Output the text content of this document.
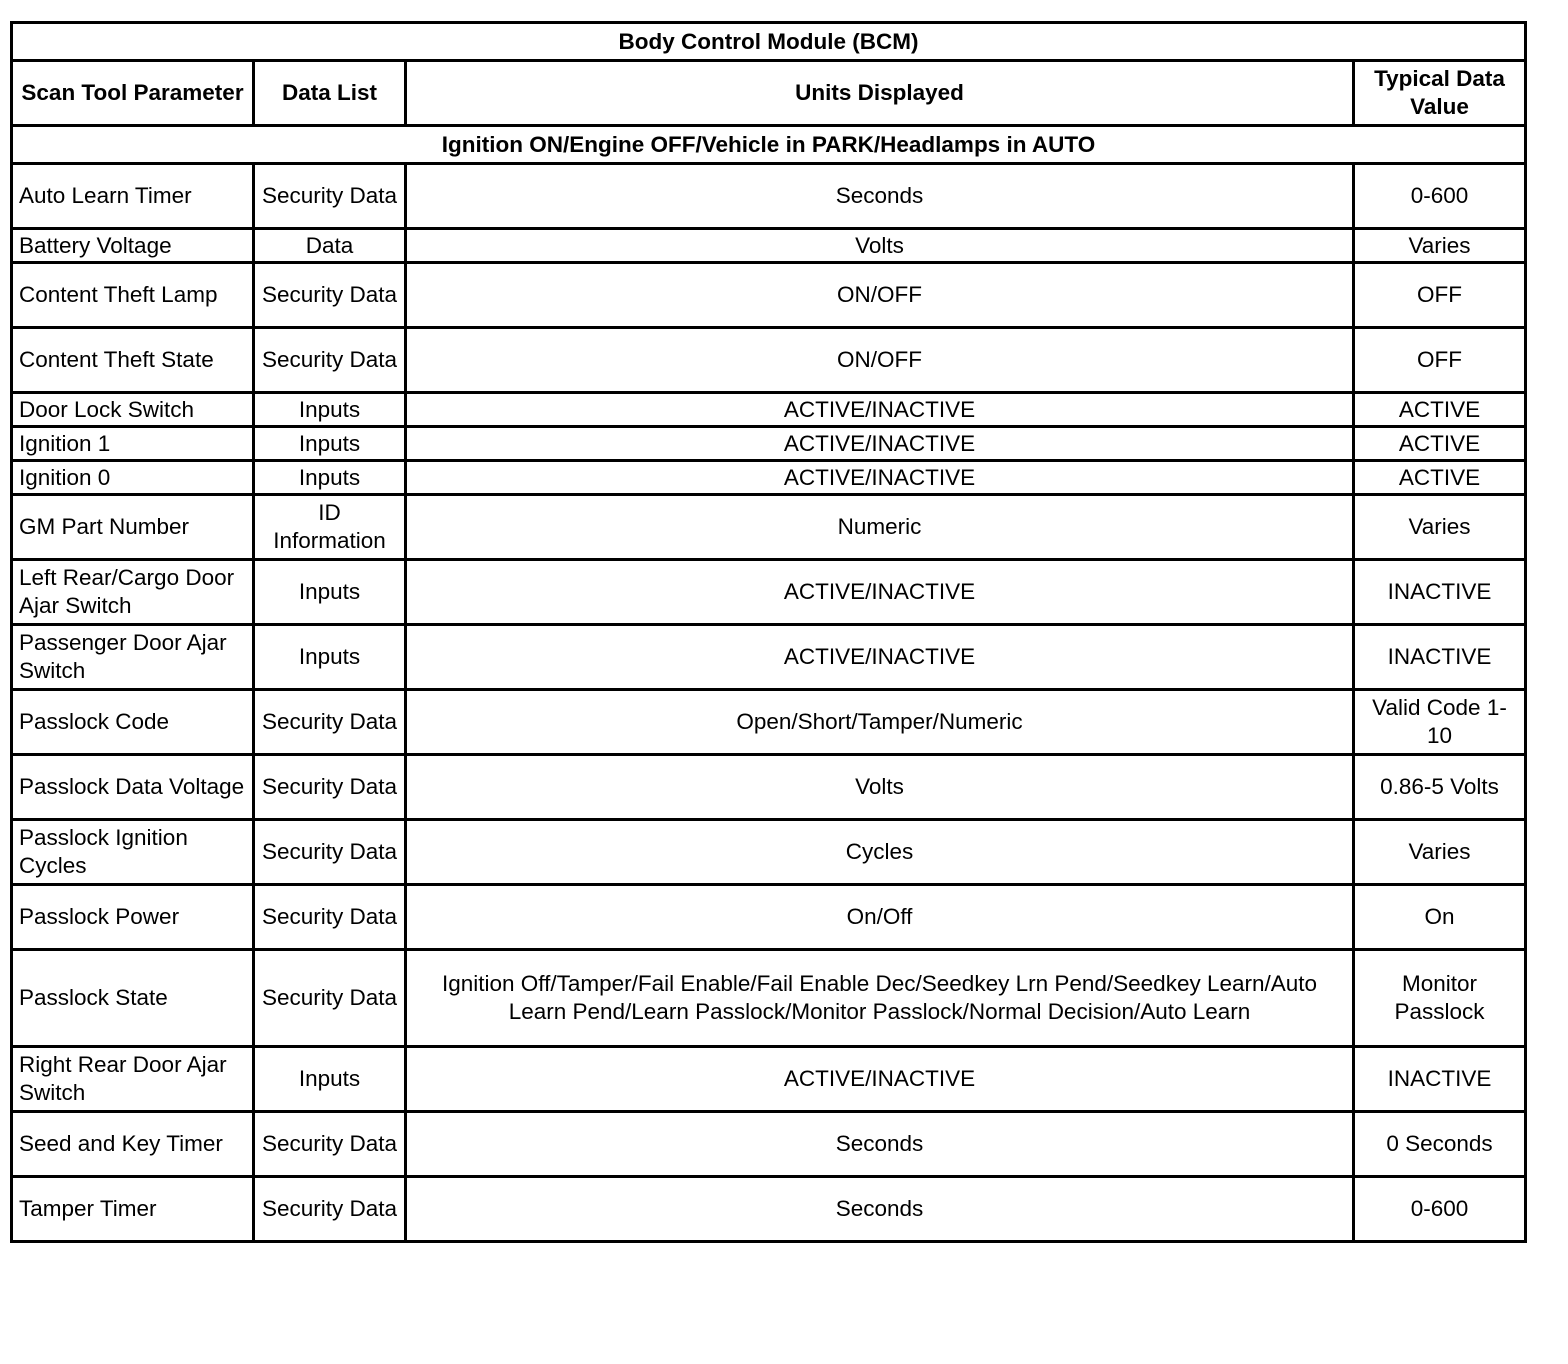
Body Control Module (BCM)			
Scan Tool Parameter	Data List	Units Displayed	Typical Data Value
Ignition ON/Engine OFF/Vehicle in PARK/Headlamps in AUTO			
Auto Learn Timer	Security Data	Seconds	0-600
Battery Voltage	Data	Volts	Varies
Content Theft Lamp	Security Data	ON/OFF	OFF
Content Theft State	Security Data	ON/OFF	OFF
Door Lock Switch	Inputs	ACTIVE/INACTIVE	ACTIVE
Ignition 1	Inputs	ACTIVE/INACTIVE	ACTIVE
Ignition 0	Inputs	ACTIVE/INACTIVE	ACTIVE
GM Part Number	ID Information	Numeric	Varies
Left Rear/Cargo Door Ajar Switch	Inputs	ACTIVE/INACTIVE	INACTIVE
Passenger Door Ajar Switch	Inputs	ACTIVE/INACTIVE	INACTIVE
Passlock Code	Security Data	Open/Short/Tamper/Numeric	Valid Code 1-10
Passlock Data Voltage	Security Data	Volts	0.86-5 Volts
Passlock Ignition Cycles	Security Data	Cycles	Varies
Passlock Power	Security Data	On/Off	On
Passlock State	Security Data	Ignition Off/Tamper/Fail Enable/Fail Enable Dec/Seedkey Lrn Pend/Seedkey Learn/Auto Learn Pend/Learn Passlock/Monitor Passlock/Normal Decision/Auto Learn	Monitor Passlock
Right Rear Door Ajar Switch	Inputs	ACTIVE/INACTIVE	INACTIVE
Seed and Key Timer	Security Data	Seconds	0 Seconds
Tamper Timer	Security Data	Seconds	0-600
